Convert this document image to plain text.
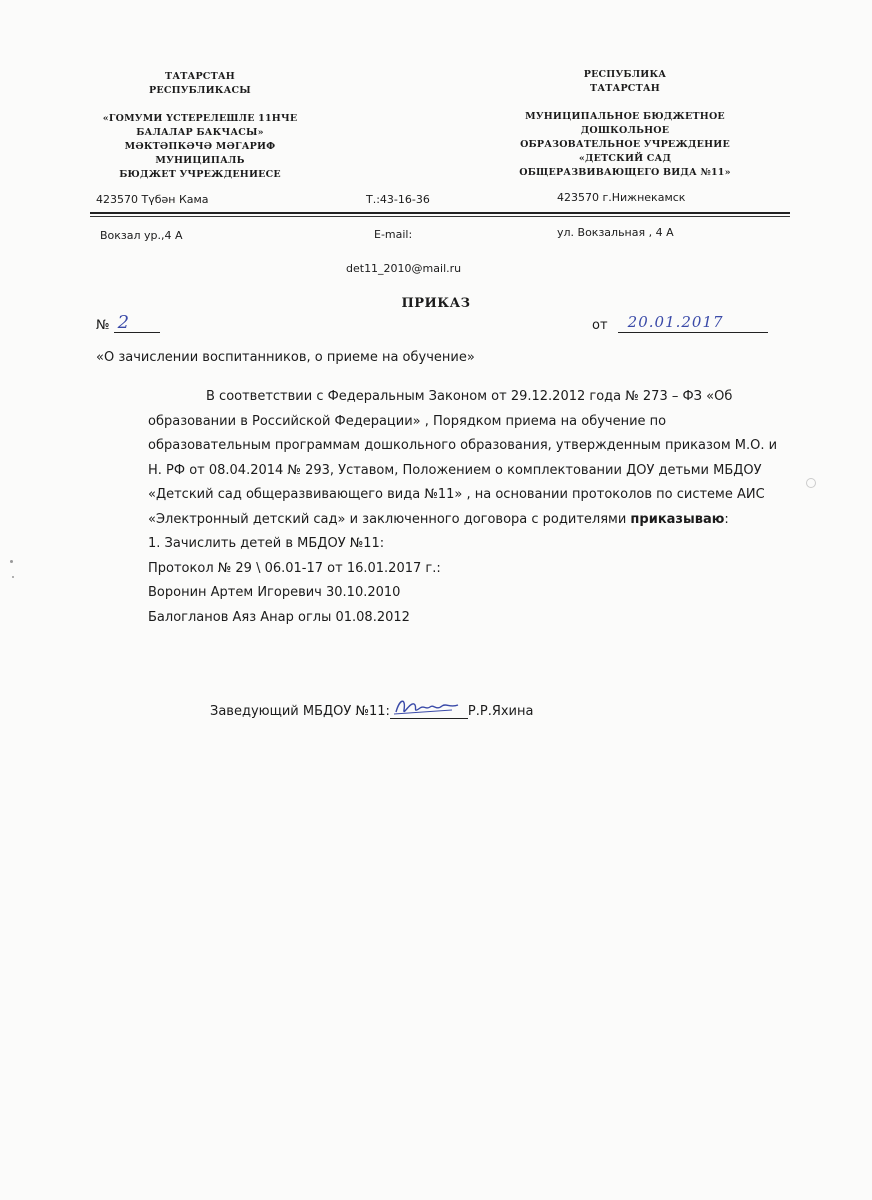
ТАТАРСТАН
РЕСПУБЛИКАСЫ
«ГОМУМИ ҮСТЕРЕЛЕШЛЕ 11НЧЕ
БАЛАЛАР БАКЧАСЫ»
МӘКТӘПКӘЧӘ МӘГАРИФ
МУНИЦИПАЛЬ
БЮДЖЕТ УЧРЕЖДЕНИЕСЕ
РЕСПУБЛИКА
ТАТАРСТАН
МУНИЦИПАЛЬНОЕ БЮДЖЕТНОЕ
ДОШКОЛЬНОЕ
ОБРАЗОВАТЕЛЬНОЕ УЧРЕЖДЕНИЕ
«ДЕТСКИЙ САД
ОБЩЕРАЗВИВАЮЩЕГО ВИДА №11»
423570 Түбән Кама	Т.:43-16-36	423570 г.Нижнекамск
Вокзал ур.,4 А	E-mail:	ул. Вокзальная , 4 А
det11_2010@mail.ru
ПРИКАЗ
№ 2	от 20.01.2017
«О зачислении воспитанников, о приеме на обучение»

В соответствии с Федеральным Законом от 29.12.2012 года № 273 – ФЗ «Об образовании в Российской Федерации» , Порядком приема на обучение по образовательным программам дошкольного образования, утвержденным приказом М.О. и Н. РФ от 08.04.2014 № 293, Уставом, Положением о комплектовании ДОУ детьми МБДОУ «Детский сад общеразвивающего вида №11» , на основании протоколов по системе АИС «Электронный детский сад» и заключенного договора с родителями приказываю:

1. Зачислить детей в МБДОУ №11:

Протокол № 29 \ 06.01-17 от 16.01.2017 г.:

Воронин Артем Игоревич 30.10.2010

Балогланов Аяз Анар оглы 01.08.2012

Заведующий МБДОУ №11:	Р.Р.Яхина
